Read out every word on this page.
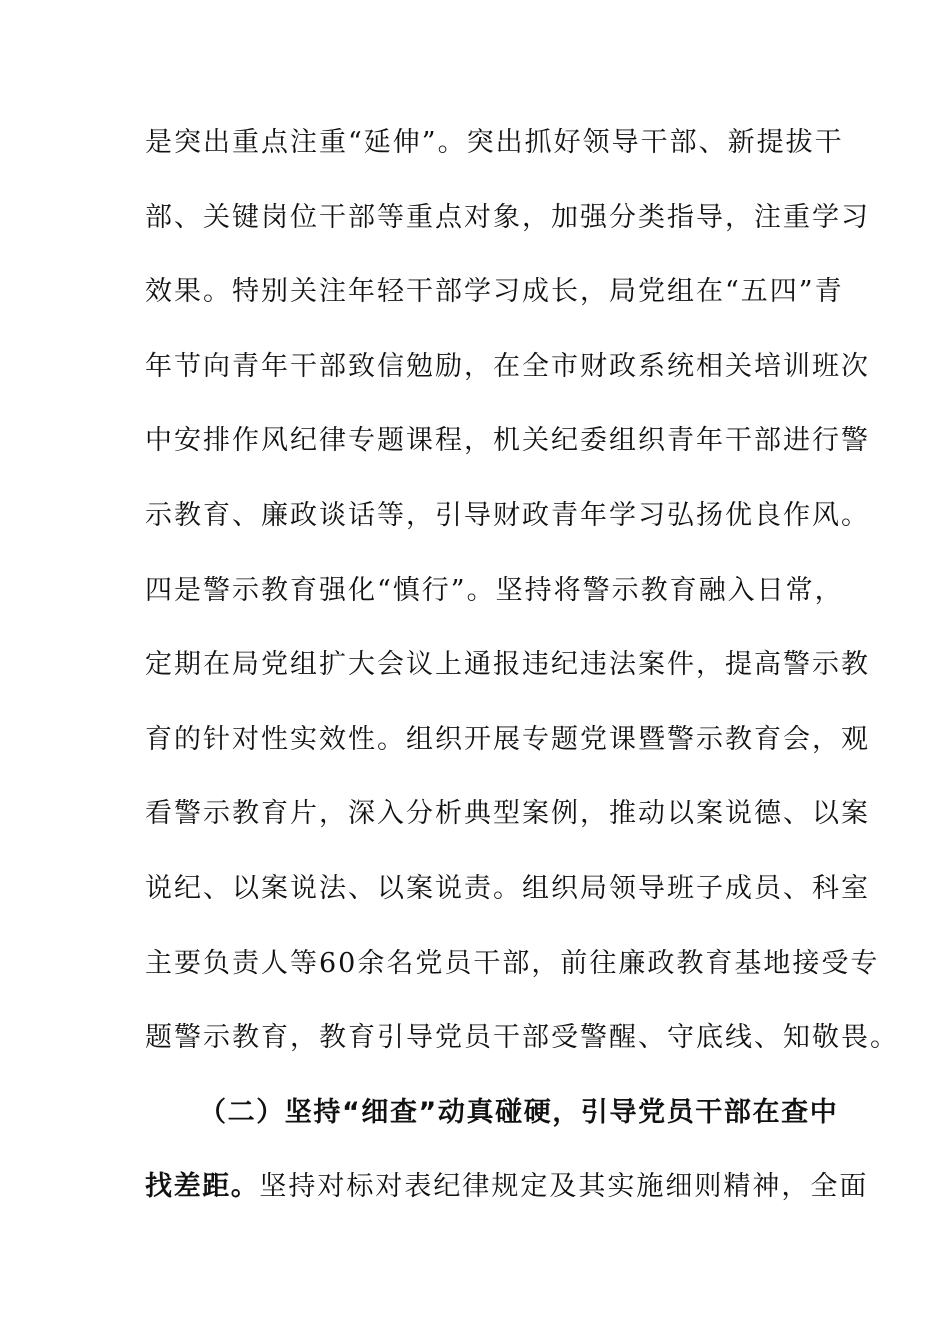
是突出重点注重“延伸”。突出抓好领导干部、新提拔干
部、关键岗位干部等重点对象，加强分类指导，注重学习
效果。特别关注年轻干部学习成长，局党组在“五四”青
年节向青年干部致信勉励，在全市财政系统相关培训班次
中安排作风纪律专题课程，机关纪委组织青年干部进行警
示教育、廉政谈话等，引导财政青年学习弘扬优良作风。
四是警示教育强化“慎行”。坚持将警示教育融入日常，
定期在局党组扩大会议上通报违纪违法案件，提高警示教
育的针对性实效性。组织开展专题党课暨警示教育会，观
看警示教育片，深入分析典型案例，推动以案说德、以案
说纪、以案说法、以案说责。组织局领导班子成员、科室
主要负责人等60余名党员干部，前往廉政教育基地接受专
题警示教育，教育引导党员干部受警醒、守底线、知敬畏。
（二）坚持“细查”动真碰硬，引导党员干部在查中
找差距。坚持对标对表纪律规定及其实施细则精神，全面
